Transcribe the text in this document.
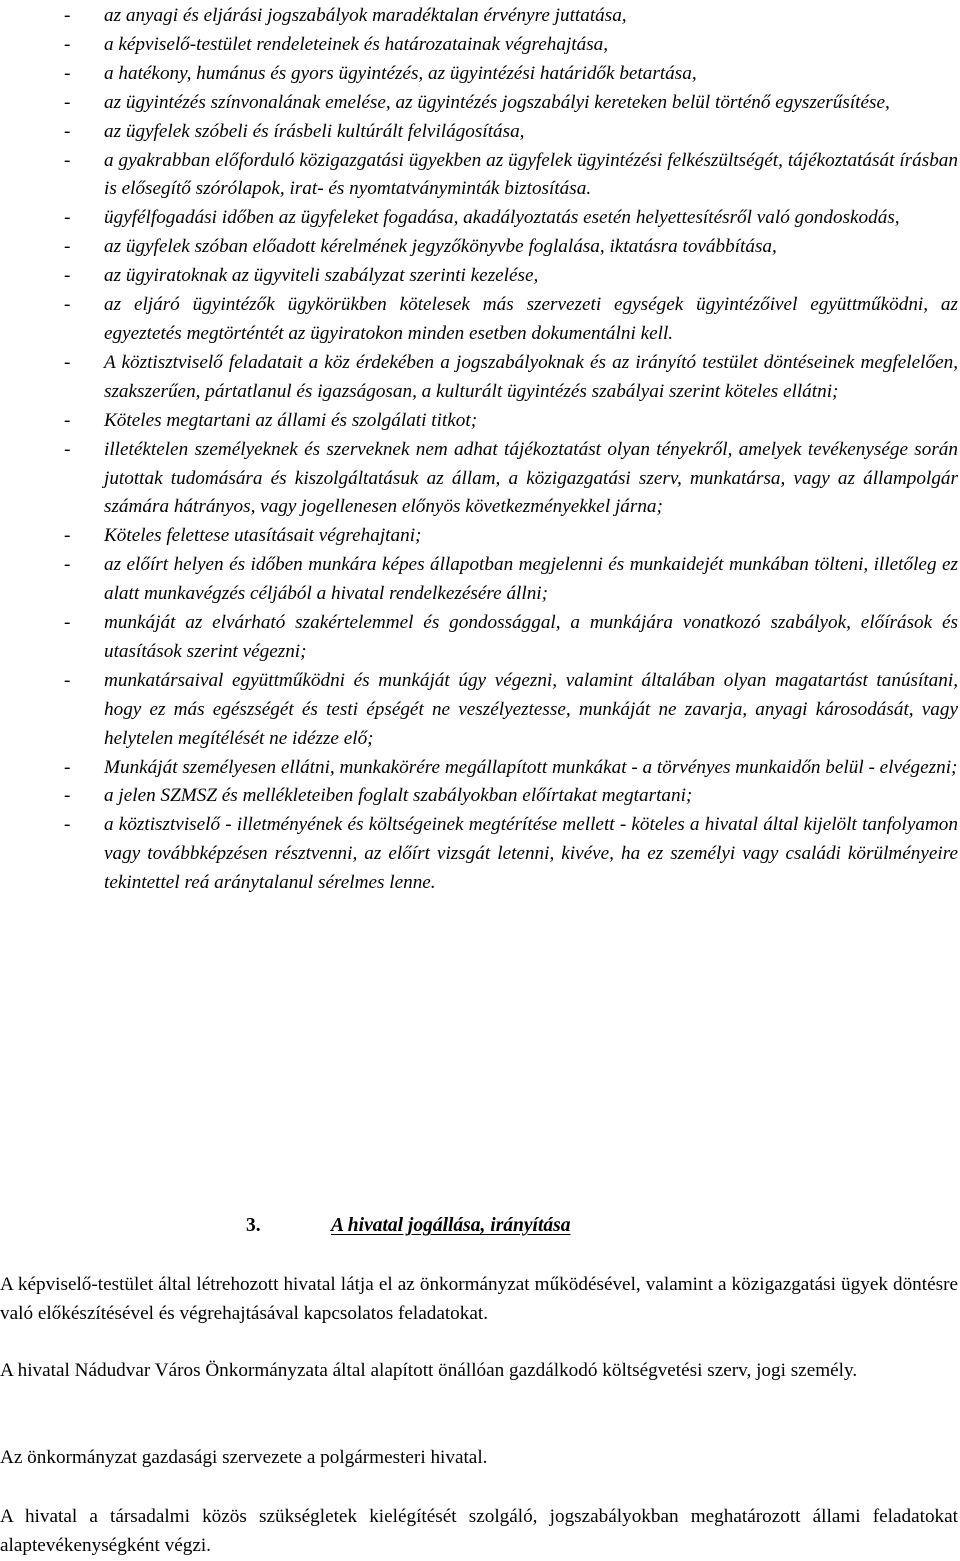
- az anyagi és eljárási jogszabályok maradéktalan érvényre juttatása,
- a képviselő-testület rendeleteinek és határozatainak végrehajtása,
- a hatékony, humánus és gyors ügyintézés, az ügyintézési határidők betartása,
- az ügyintézés színvonalának emelése, az ügyintézés jogszabályi kereteken belül történő egyszerűsítése,
- az ügyfelek szóbeli és írásbeli kultúrált felvilágosítása,
- a gyakrabban előforduló közigazgatási ügyekben az ügyfelek ügyintézési felkészültségét, tájékoztatását írásban is elősegítő szórólapok, irat- és nyomtatványminták biztosítása.
- ügyfélfogadási időben az ügyfeleket fogadása, akadályoztatás esetén helyettesítésről való gondoskodás,
- az ügyfelek szóban előadott kérelmének jegyzőkönyvbe foglalása, iktatásra továbbítása,
- az ügyiratoknak az ügyviteli szabályzat szerinti kezelése,
- az eljáró ügyintézők ügykörükben kötelesek más szervezeti egységek ügyintézőivel együttműködni, az egyeztetés megtörténtét az ügyiratokon minden esetben dokumentálni kell.
- A köztisztviselő feladatait a köz érdekében a jogszabályoknak és az irányító testület döntéseinek megfelelően, szakszerűen, pártatlanul és igazságosan, a kulturált ügyintézés szabályai szerint köteles ellátni;
- Köteles megtartani az állami és szolgálati titkot;
- illetéktelen személyeknek és szerveknek nem adhat tájékoztatást olyan tényekről, amelyek tevékenysége során jutottak tudomására és kiszolgáltatásuk az állam, a közigazgatási szerv, munkatársa, vagy az állampolgár számára hátrányos, vagy jogellenesen előnyös következményekkel járna;
- Köteles felettese utasításait végrehajtani;
- az előírt helyen és időben munkára képes állapotban megjelenni és munkaidejét munkában tölteni, illetőleg ez alatt munkavégzés céljából a hivatal rendelkezésére állni;
- munkáját az elvárható szakértelemmel és gondossággal, a munkájára vonatkozó szabályok, előírások és utasítások szerint végezni;
- munkatársaival együttműködni és munkáját úgy végezni, valamint általában olyan magatartást tanúsítani, hogy ez más egészségét és testi épségét ne veszélyeztesse, munkáját ne zavarja, anyagi károsodását, vagy helytelen megítélését ne idézze elő;
- Munkáját személyesen ellátni, munkakörére megállapított munkákat - a törvényes munkaidőn belül - elvégezni;
- a jelen SZMSZ és mellékleteiben foglalt szabályokban előírtakat megtartani;
- a köztisztviselő - illetményének és költségeinek megtérítése mellett - köteles a hivatal által kijelölt tanfolyamon vagy továbbképzésen résztvenni, az előírt vizsgát letenni, kivéve, ha ez személyi vagy családi körülményeire tekintettel reá aránytalanul sérelmes lenne.
3.	A hivatal jogállása, irányítása

A képviselő-testület által létrehozott hivatal látja el az önkormányzat működésével, valamint a közigazgatási ügyek döntésre való előkészítésével és végrehajtásával kapcsolatos feladatokat.

A hivatal Nádudvar Város Önkormányzata által alapított önállóan gazdálkodó költségvetési szerv, jogi személy.

Az önkormányzat gazdasági szervezete a polgármesteri hivatal.

A hivatal a társadalmi közös szükségletek kielégítését szolgáló, jogszabályokban meghatározott állami feladatokat alaptevékenységként végzi.
